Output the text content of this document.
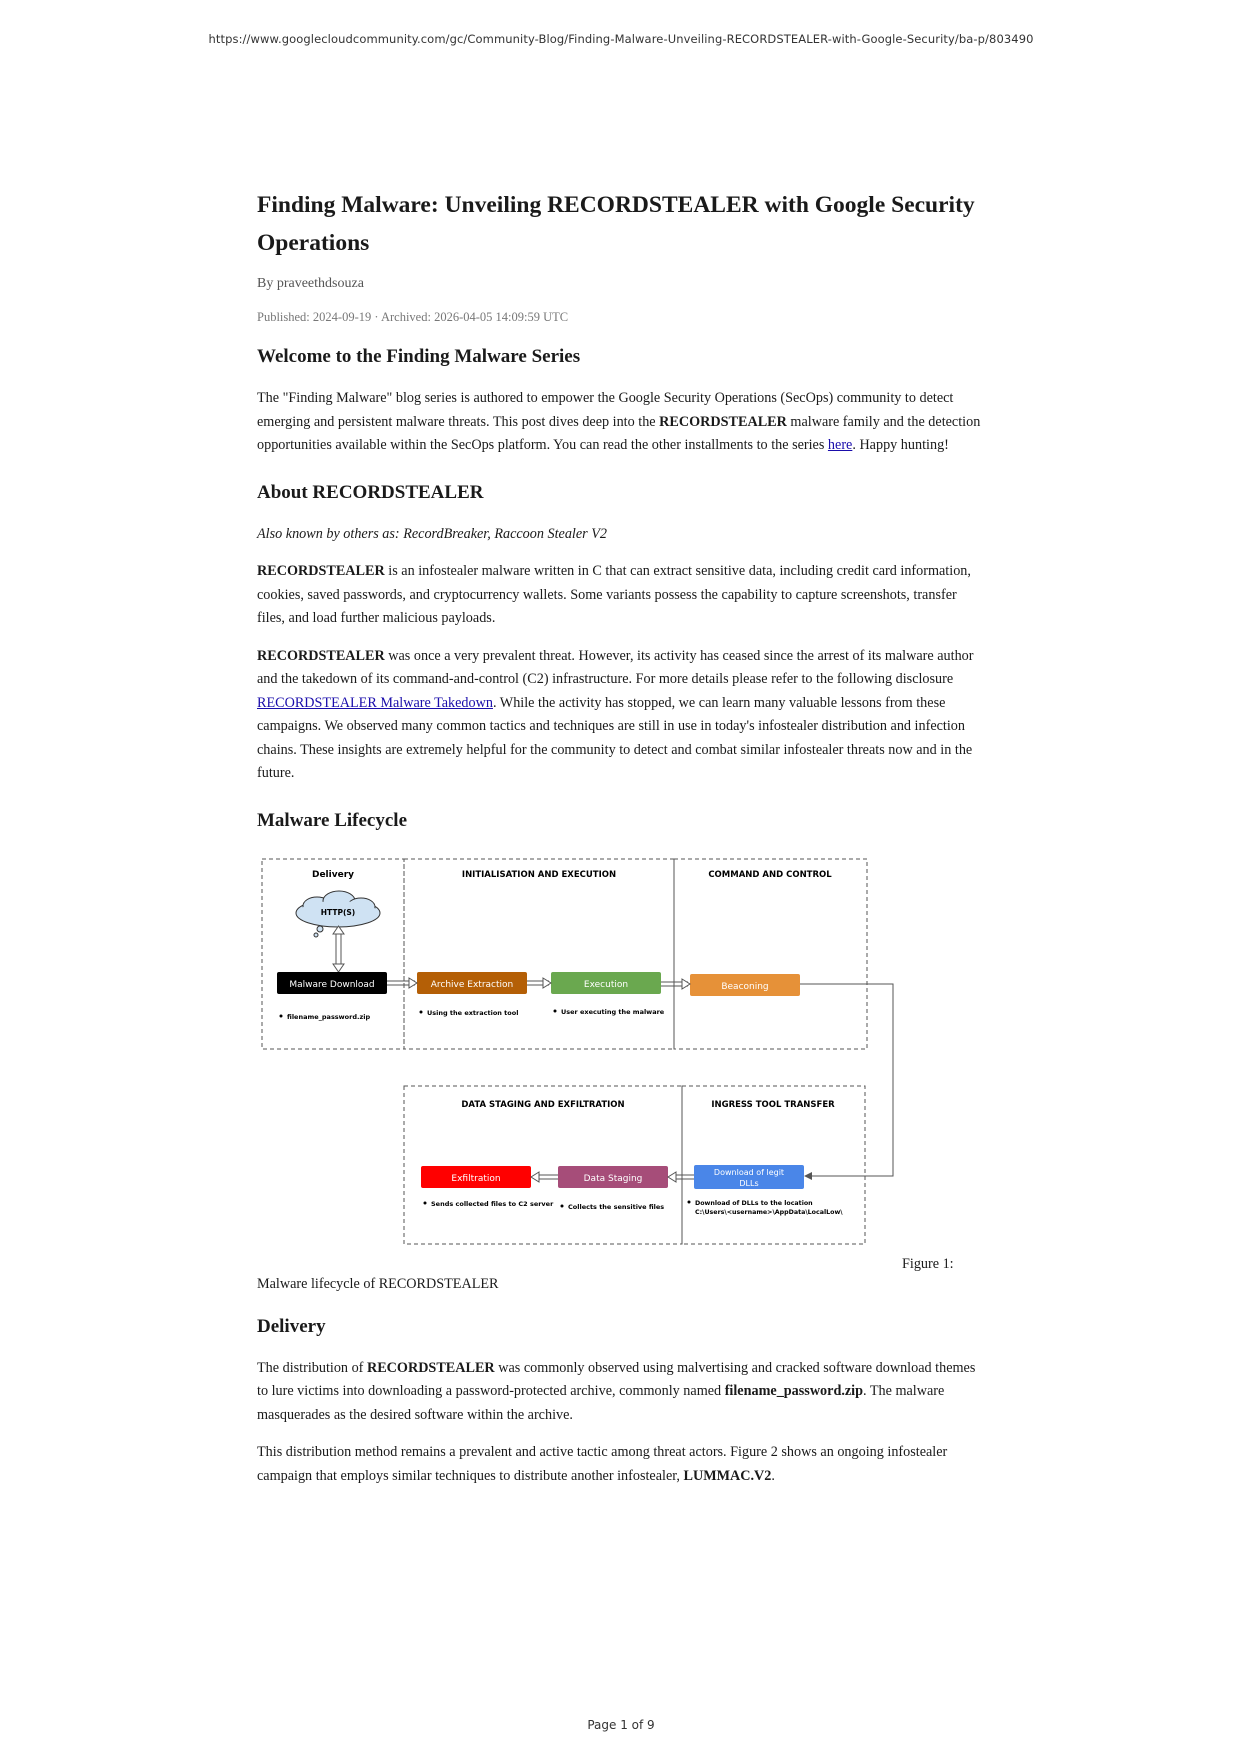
https://www.googlecloudcommunity.com/gc/Community-Blog/Finding-Malware-Unveiling-RECORDSTEALER-with-Google-Security/ba-p/803490
Finding Malware: Unveiling RECORDSTEALER with Google Security Operations
By praveethdsouza
Published: 2024-09-19 · Archived: 2026-04-05 14:09:59 UTC
Welcome to the Finding Malware Series

The "Finding Malware" blog series is authored to empower the Google Security Operations (SecOps) community to detect emerging and persistent malware threats. This post dives deep into the RECORDSTEALER malware family and the detection opportunities available within the SecOps platform. You can read the other installments to the series here. Happy hunting!

About RECORDSTEALER

Also known by others as: RecordBreaker, Raccoon Stealer V2

RECORDSTEALER is an infostealer malware written in C that can extract sensitive data, including credit card information, cookies, saved passwords, and cryptocurrency wallets. Some variants possess the capability to capture screenshots, transfer files, and load further malicious payloads.

RECORDSTEALER was once a very prevalent threat. However, its activity has ceased since the arrest of its malware author and the takedown of its command-and-control (C2) infrastructure. For more details please refer to the following disclosure RECORDSTEALER Malware Takedown. While the activity has stopped, we can learn many valuable lessons from these campaigns. We observed many common tactics and techniques are still in use in today's infostealer distribution and infection chains. These insights are extremely helpful for the community to detect and combat similar infostealer threats now and in the future.

Malware Lifecycle
Delivery	INITIALISATION AND EXECUTION	COMMAND AND CONTROL
HTTP(S)
Malware Download	Archive Extraction	Execution	Beaconing
filename_password.zip	Using the extraction tool	User executing the malware
DATA STAGING AND EXFILTRATION	INGRESS TOOL TRANSFER
Exfiltration	Data Staging
Download of legit
DLLs
Sends collected files to C2 server Collects the sensitive files	Download of DLLs to the location
C:\Users\<username>\AppData\LocalLow\
Figure 1:
Malware lifecycle of RECORDSTEALER
Delivery

The distribution of RECORDSTEALER was commonly observed using malvertising and cracked software download themes to lure victims into downloading a password-protected archive, commonly named filename_password.zip. The malware masquerades as the desired software within the archive.

This distribution method remains a prevalent and active tactic among threat actors. Figure 2 shows an ongoing infostealer campaign that employs similar techniques to distribute another infostealer, LUMMAC.V2.

Page 1 of 9
